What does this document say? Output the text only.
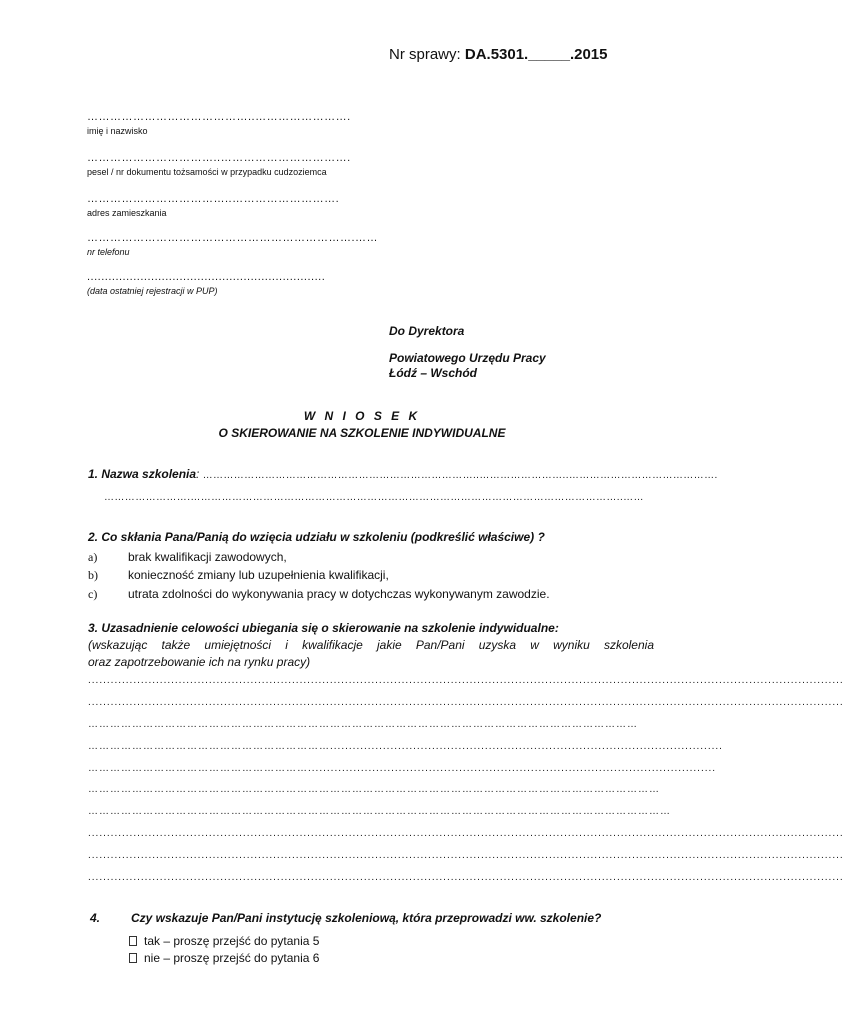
Nr sprawy: DA.5301._____.2015
……………………………………..…………………….
imię i nazwisko
……………………………..…………………………….
pesel / nr dokumentu tożsamości w przypadku cudzoziemca
………………………………..……………………….
adres zamieszkania
…………………………………………………………….……
nr telefonu
...................................................................
(data ostatniej rejestracji w PUP)
Do Dyrektora
Powiatowego Urzędu Pracy
Łódź – Wschód
W N I O S E K
O SKIEROWANIE NA SZKOLENIE INDYWIDUALNE
1. Nazwa szkolenia: ……………………………………………………………………..……………………..…………………………………….
…………………….……………………………………………………………………………………………………………..……
2. Co skłania Pana/Panią do wzięcia udziału w szkoleniu (podkreślić właściwe) ?
a)	brak kwalifikacji zawodowych,
b)	konieczność zmiany lub uzupełnienia kwalifikacji,
c)	utrata zdolności do wykonywania pracy w dotychczas wykonywanym zawodzie.
3. Uzasadnienie celowości ubiegania się o skierowanie na szkolenie indywidualne:
(wskazując także umiejętności i kwalifikacje jakie Pan/Pani uzyska w wyniku szkolenia
oraz zapotrzebowanie ich na rynku pracy)
........................................................................................................................................................................................................
........................................................................................................................................................................................................
……………………………………………………………………………………………………………………………………
…………………………………………………………........................................................................................................
……………………………………………………............................................................................................................
…………………………………………………………………………………………………………………………………………
……………………………………………………………………………………………………………………………………………
........................................................................................................................................................................................................
........................................................................................................................................................................................................
........................................................................................................................................................................................................
4.	Czy wskazuje Pan/Pani instytucję szkoleniową, która przeprowadzi ww. szkolenie?
tak – proszę przejść do pytania 5
nie – proszę przejść do pytania 6
